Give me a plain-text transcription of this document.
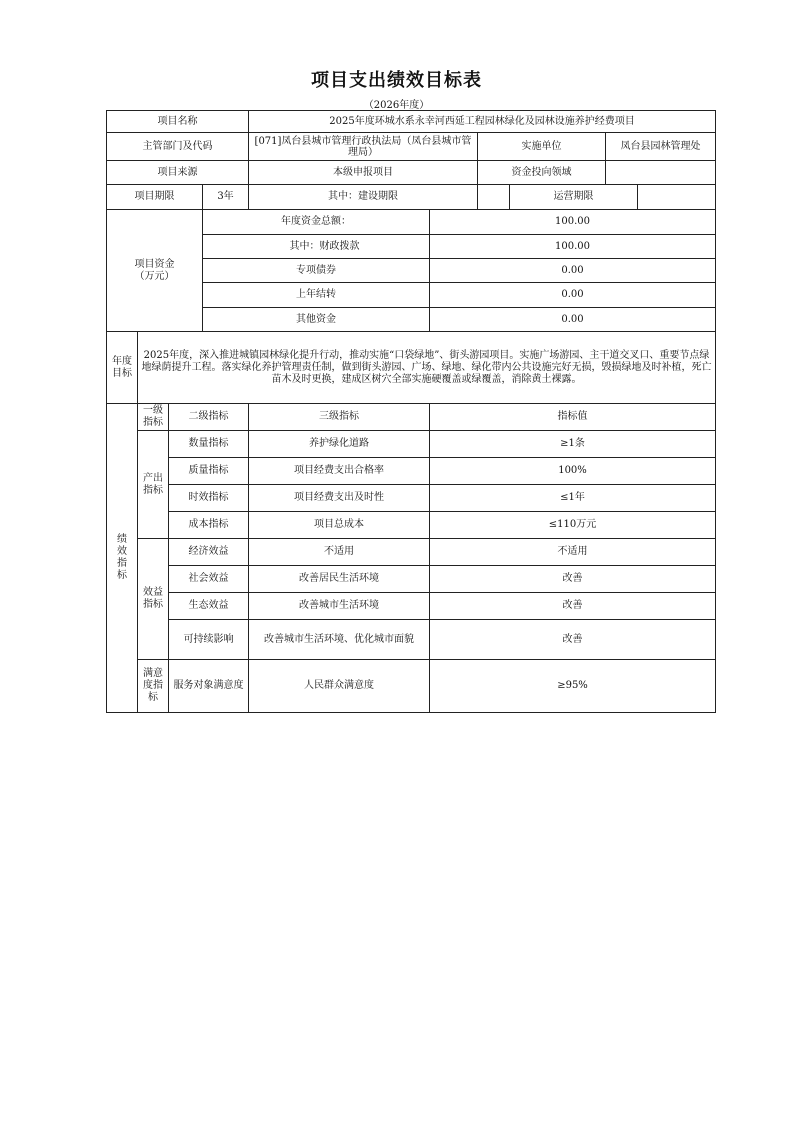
项目支出绩效目标表
（2026年度）
项目名称	2025年度环城水系永幸河西延工程园林绿化及园林设施养护经费项目
主管部门及代码		[071]凤台县城市管理行政执法局（凤台县城市管理局）	实施单位	凤台县园林管理处

项目来源		本级申报项目	资金投向领域	

项目期限	3年		其中：建设期限		运营期限	

项目资金
（万元）
	年度资金总额：	100.00
其中：财政拨款	100.00
专项债券	0.00
上年结转	0.00
其他资金	0.00

年度
目标
	2025年度，深入推进城镇园林绿化提升行动，推动实施“口袋绿地”、街头游园项目。实施广场游园、主干道交叉口、重要节点绿地绿荫提升工程。落实绿化养护管理责任制，做到街头游园、广场、绿地、绿化带内公共设施完好无损，毁损绿地及时补植，死亡苗木及时更换，建成区树穴全部实施硬覆盖或绿覆盖，消除黄土裸露。

绩
效
指
标

一级
指标
	二级指标	三级指标	指标值

产出
指标
	数量指标	养护绿化道路	≥1条
质量指标	项目经费支出合格率	100%
时效指标	项目经费支出及时性	≤1年
成本指标	项目总成本	≤110万元

效益
指标
	经济效益	不适用	不适用
社会效益	改善居民生活环境	改善
生态效益	改善城市生活环境	改善
可持续影响	改善城市生活环境、优化城市面貌	改善

满意
度指
标
	服务对象满意度	人民群众满意度	≥95%
